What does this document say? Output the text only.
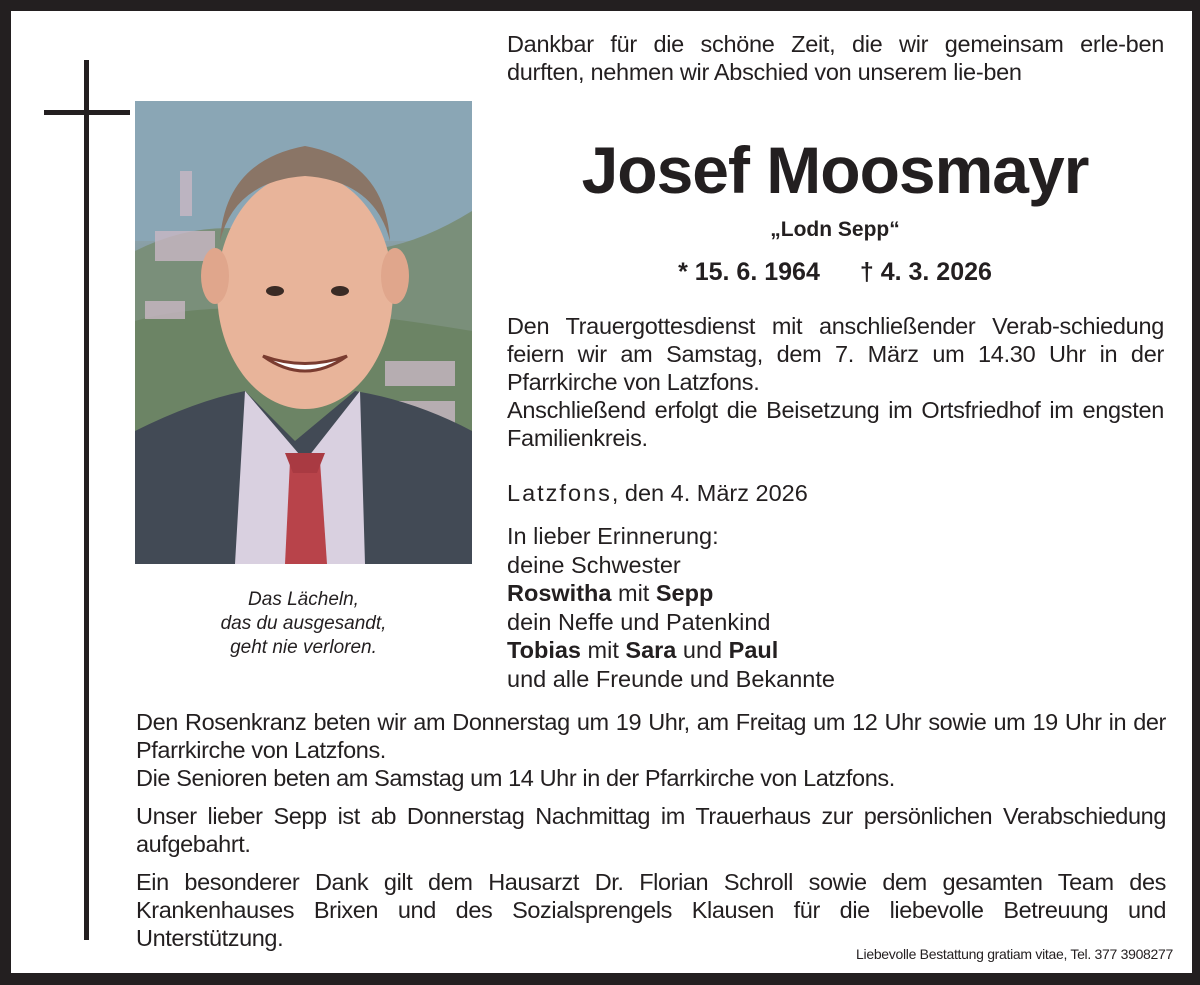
Das Lächeln,
das du ausgesandt,
geht nie verloren.
Dankbar für die schöne Zeit, die wir gemeinsam erle-ben durften, nehmen wir Abschied von unserem lie-ben
Josef Moosmayr
„Lodn Sepp“
* 15. 6. 1964 † 4. 3. 2026
Den Trauergottesdienst mit anschließender Verab-schiedung feiern wir am Samstag, dem 7. März um 14.30 Uhr in der Pfarrkirche von Latzfons.
Anschließend erfolgt die Beisetzung im Ortsfriedhof im engsten Familienkreis.
Latzfons, den 4. März 2026
In lieber Erinnerung:
deine Schwester
Roswitha mit Sepp
dein Neffe und Patenkind
Tobias mit Sara und Paul
und alle Freunde und Bekannte

Den Rosenkranz beten wir am Donnerstag um 19 Uhr, am Freitag um 12 Uhr sowie um 19 Uhr in der Pfarrkirche von Latzfons.

Die Senioren beten am Samstag um 14 Uhr in der Pfarrkirche von Latzfons.

Unser lieber Sepp ist ab Donnerstag Nachmittag im Trauerhaus zur persönlichen Verabschiedung aufgebahrt.

Ein besonderer Dank gilt dem Hausarzt Dr. Florian Schroll sowie dem gesamten Team des Krankenhauses Brixen und des Sozialsprengels Klausen für die liebevolle Betreuung und Unterstützung.

Liebevolle Bestattung gratiam vitae, Tel. 377 3908277
